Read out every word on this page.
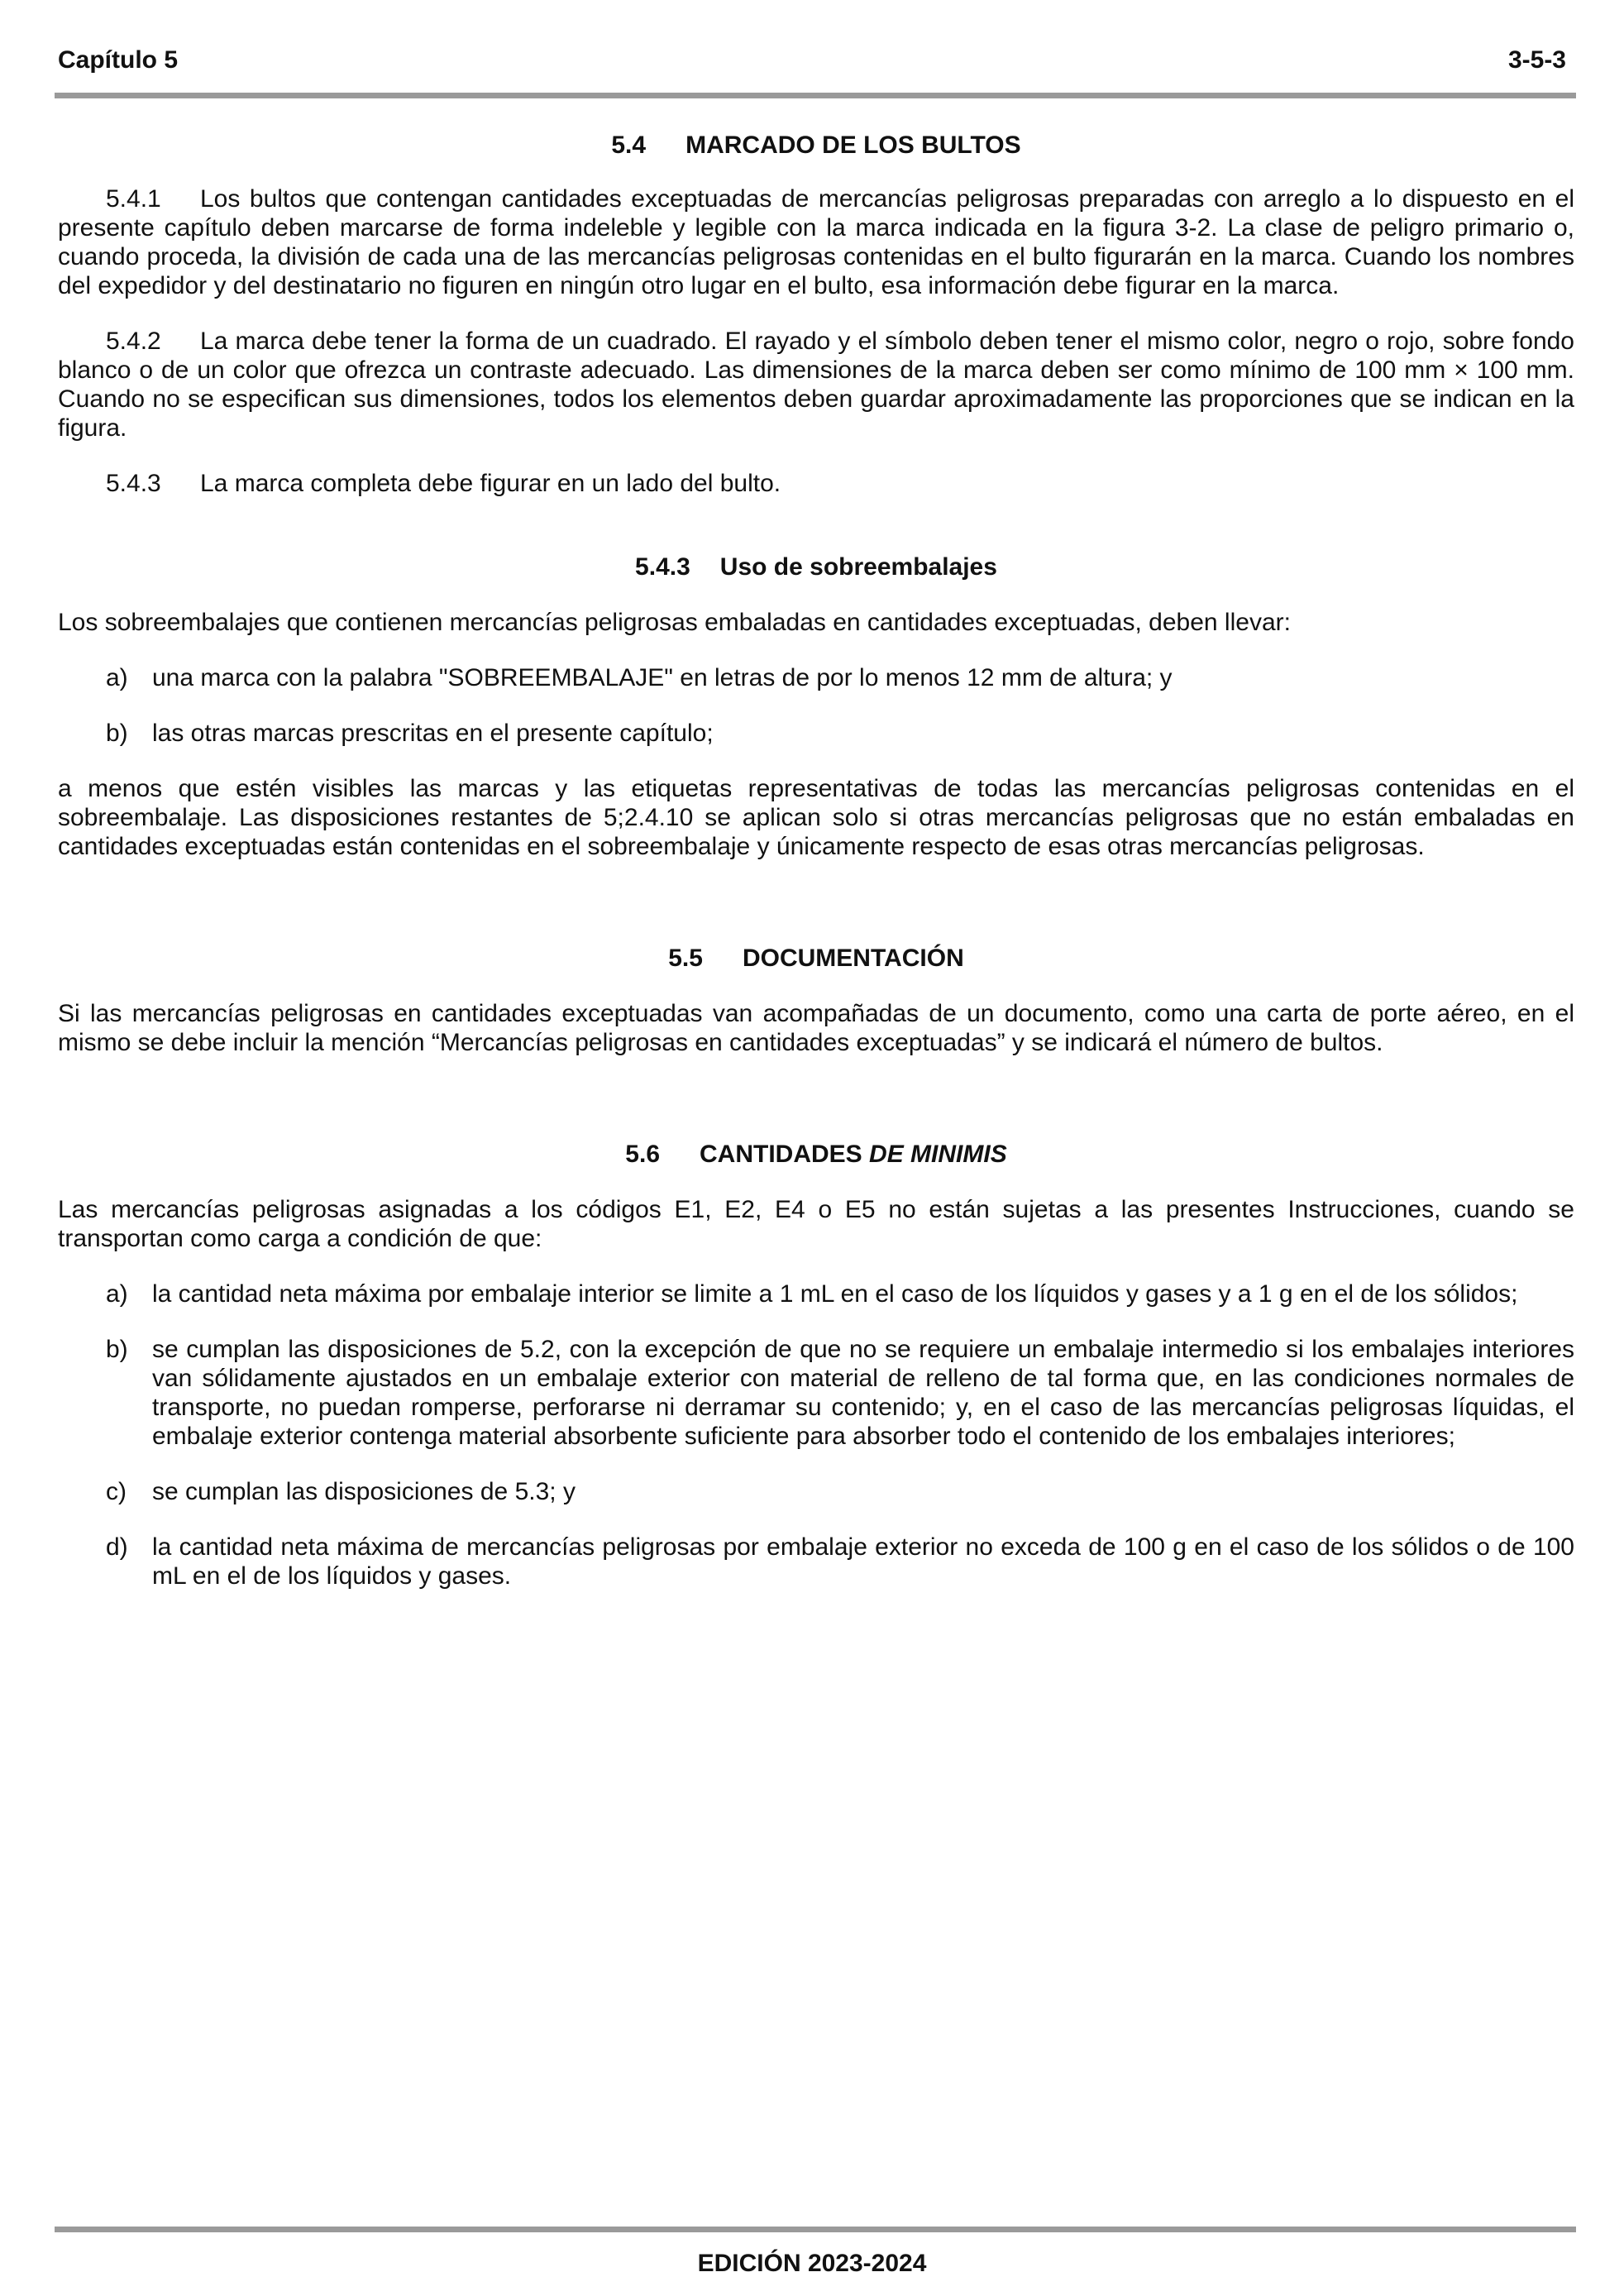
Capítulo 5	3-5-3
5.4 MARCADO DE LOS BULTOS

5.4.1 Los bultos que contengan cantidades exceptuadas de mercancías peligrosas preparadas con arreglo a lo dispuesto en el presente capítulo deben marcarse de forma indeleble y legible con la marca indicada en la figura 3-2. La clase de peligro primario o, cuando proceda, la división de cada una de las mercancías peligrosas contenidas en el bulto figurarán en la marca. Cuando los nombres del expedidor y del destinatario no figuren en ningún otro lugar en el bulto, esa información debe figurar en la marca.

5.4.2 La marca debe tener la forma de un cuadrado. El rayado y el símbolo deben tener el mismo color, negro o rojo, sobre fondo blanco o de un color que ofrezca un contraste adecuado. Las dimensiones de la marca deben ser como mínimo de 100 mm × 100 mm. Cuando no se especifican sus dimensiones, todos los elementos deben guardar aproximadamente las proporciones que se indican en la figura.

5.4.3 La marca completa debe figurar en un lado del bulto.

5.4.3 Uso de sobreembalajes

Los sobreembalajes que contienen mercancías peligrosas embaladas en cantidades exceptuadas, deben llevar:

a) una marca con la palabra "SOBREEMBALAJE" en letras de por lo menos 12 mm de altura; y
b) las otras marcas prescritas en el presente capítulo;

a menos que estén visibles las marcas y las etiquetas representativas de todas las mercancías peligrosas contenidas en el sobreembalaje. Las disposiciones restantes de 5;2.4.10 se aplican solo si otras mercancías peligrosas que no están embaladas en cantidades exceptuadas están contenidas en el sobreembalaje y únicamente respecto de esas otras mercancías peligrosas.

5.5 DOCUMENTACIÓN

Si las mercancías peligrosas en cantidades exceptuadas van acompañadas de un documento, como una carta de porte aéreo, en el mismo se debe incluir la mención “Mercancías peligrosas en cantidades exceptuadas” y se indicará el número de bultos.

5.6 CANTIDADES DE MINIMIS

Las mercancías peligrosas asignadas a los códigos E1, E2, E4 o E5 no están sujetas a las presentes Instrucciones, cuando se transportan como carga a condición de que:

a) la cantidad neta máxima por embalaje interior se limite a 1 mL en el caso de los líquidos y gases y a 1 g en el de los sólidos;
b) se cumplan las disposiciones de 5.2, con la excepción de que no se requiere un embalaje intermedio si los embalajes interiores van sólidamente ajustados en un embalaje exterior con material de relleno de tal forma que, en las condiciones normales de transporte, no puedan romperse, perforarse ni derramar su contenido; y, en el caso de las mercancías peligrosas líquidas, el embalaje exterior contenga material absorbente suficiente para absorber todo el contenido de los embalajes interiores;
c)	se cumplan las disposiciones de 5.3; y
d) la cantidad neta máxima de mercancías peligrosas por embalaje exterior no exceda de 100 g en el caso de los sólidos o de 100 mL en el de los líquidos y gases.
EDICIÓN 2023-2024
